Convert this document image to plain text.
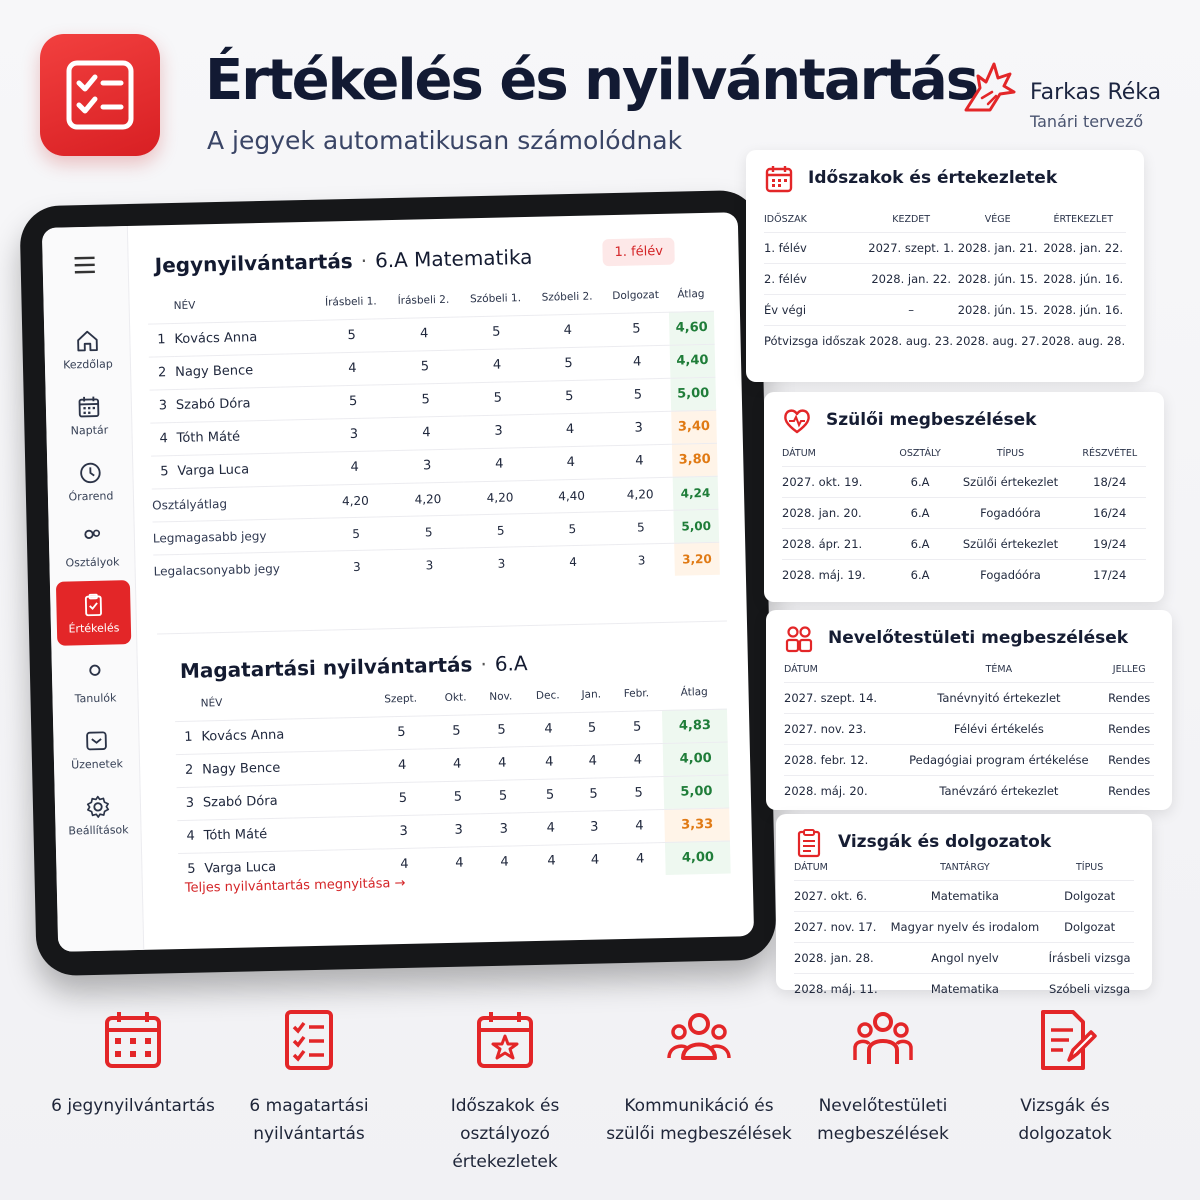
Értékelés és nyilvántartás
A jegyek automatikusan számolódnak
Farkas Réka
Tanári tervező
Kezdőlap
Naptár
Órarend
Osztályok
Értékelés
Tanulók
Üzenetek
Beállítások
Jegynyilvántartás · 6.A Matematika	1. félév
	NÉV	Írásbeli 1.	Írásbeli 2.	Szóbeli 1.	Szóbeli 2.	Dolgozat	Átlag
1	Kovács Anna	5	4	5	4	5	4,60
2	Nagy Bence	4	5	4	5	4	4,40
3	Szabó Dóra	5	5	5	5	5	5,00
4	Tóth Máté	3	4	3	4	3	3,40
5	Varga Luca	4	3	4	4	4	3,80
Osztályátlag		4,20	4,20	4,20	4,40	4,20	4,24
Legmagasabb jegy		5	5	5	5	5	5,00
Legalacsonyabb jegy		3	3	3	4	3	3,20
Magatartási nyilvántartás · 6.A
	NÉV	Szept.	Okt.	Nov.	Dec.	Jan.	Febr.	Átlag
1	Kovács Anna	5	5	5	4	5	5	4,83
2	Nagy Bence	4	4	4	4	4	4	4,00
3	Szabó Dóra	5	5	5	5	5	5	5,00
4	Tóth Máté	3	3	3	4	3	4	3,33
5	Varga Luca	4	4	4	4	4	4	4,00
Teljes nyilvántartás megnyitása →
Időszakok és értekezletek
IDŐSZAK	KEZDET	VÉGE	ÉRTEKEZLET
1. félév	2027. szept. 1.	2028. jan. 21.	2028. jan. 22.
2. félév	2028. jan. 22.	2028. jún. 15.	2028. jún. 16.
Év végi	–	2028. jún. 15.	2028. jún. 16.
Pótvizsga időszak	2028. aug. 23.	2028. aug. 27.	2028. aug. 28.
Szülői megbeszélések
DÁTUM	OSZTÁLY	TÍPUS	RÉSZVÉTEL
2027. okt. 19.	6.A	Szülői értekezlet	18/24
2028. jan. 20.	6.A	Fogadóóra	16/24
2028. ápr. 21.	6.A	Szülői értekezlet	19/24
2028. máj. 19.	6.A	Fogadóóra	17/24
Nevelőtestületi megbeszélések
DÁTUM	TÉMA	JELLEG
2027. szept. 14.	Tanévnyitó értekezlet	Rendes
2027. nov. 23.	Félévi értékelés	Rendes
2028. febr. 12.	Pedagógiai program értékelése	Rendes
2028. máj. 20.	Tanévzáró értekezlet	Rendes
Vizsgák és dolgozatok
DÁTUM	TANTÁRGY	TÍPUS
2027. okt. 6.	Matematika	Dolgozat
2027. nov. 17.	Magyar nyelv és irodalom	Dolgozat
2028. jan. 28.	Angol nyelv	Írásbeli vizsga
2028. máj. 11.	Matematika	Szóbeli vizsga
6 jegynyilvántartás	6 magatartási
nyilvántartás
Időszakok és
osztályozó értekezletek
Kommunikáció és
szülői megbeszélések
Nevelőtestületi
megbeszélések
Vizsgák és
dolgozatok
